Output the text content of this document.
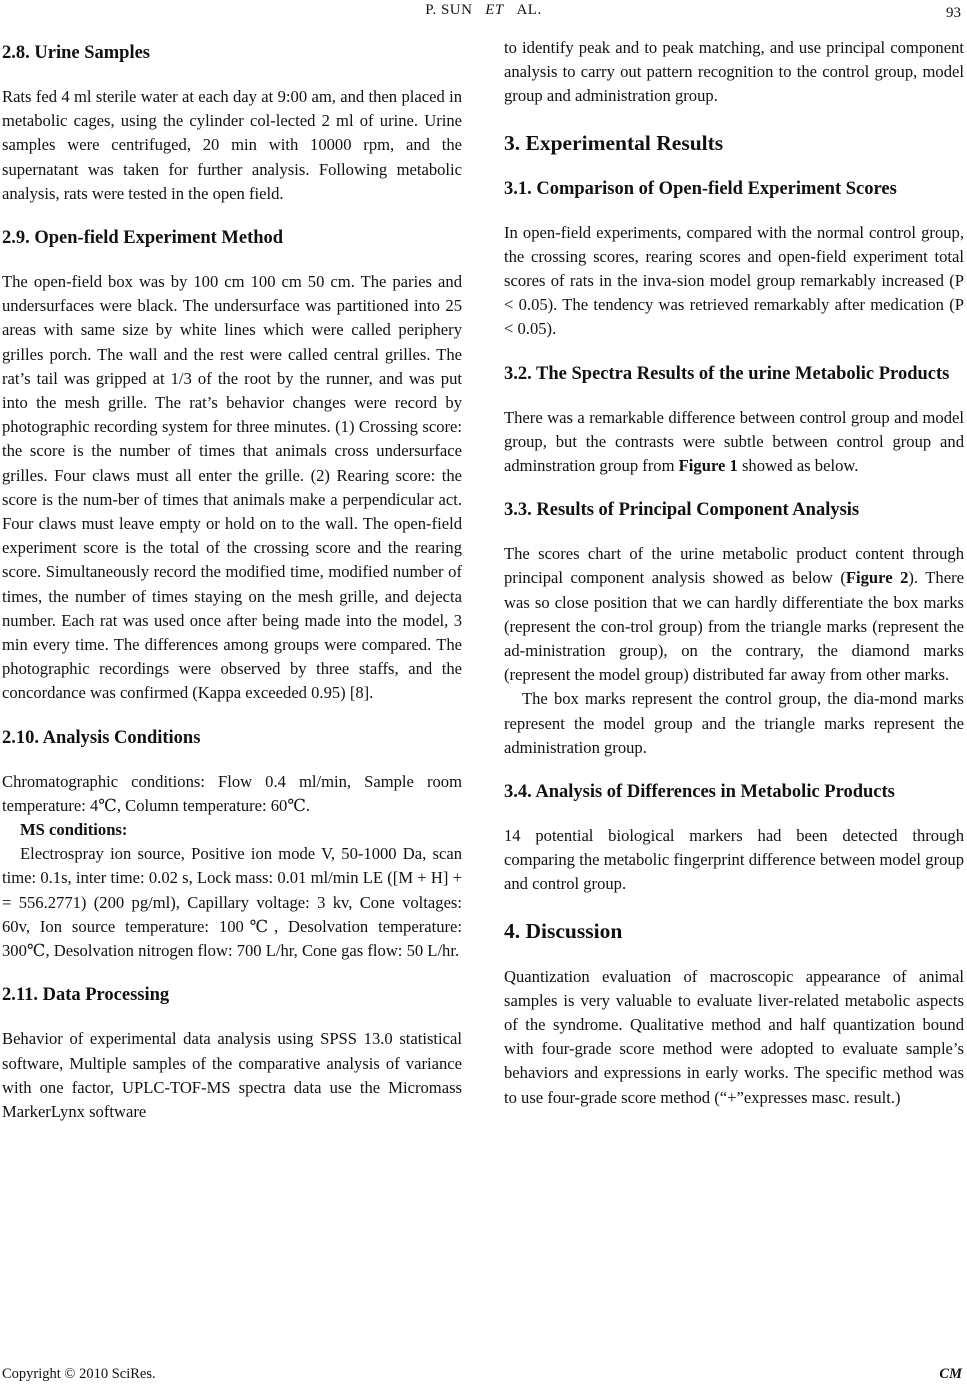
P. SUN ET AL.	93
2.8. Urine Samples

Rats fed 4 ml sterile water at each day at 9:00 am, and then placed in metabolic cages, using the cylinder col-lected 2 ml of urine. Urine samples were centrifuged, 20 min with 10000 rpm, and the supernatant was taken for further analysis. Following metabolic analysis, rats were tested in the open field.

2.9. Open-field Experiment Method

The open-field box was by 100 cm 100 cm 50 cm. The paries and undersurfaces were black. The undersurface was partitioned into 25 areas with same size by white lines which were called periphery grilles porch. The wall and the rest were called central grilles. The rat’s tail was gripped at 1/3 of the root by the runner, and was put into the mesh grille. The rat’s behavior changes were record by photographic recording system for three minutes. (1) Crossing score: the score is the number of times that animals cross undersurface grilles. Four claws must all enter the grille. (2) Rearing score: the score is the num-ber of times that animals make a perpendicular act. Four claws must leave empty or hold on to the wall. The open-field experiment score is the total of the crossing score and the rearing score. Simultaneously record the modified time, modified number of times, the number of times staying on the mesh grille, and dejecta number. Each rat was used once after being made into the model, 3 min every time. The differences among groups were compared. The photographic recordings were observed by three staffs, and the concordance was confirmed (Kappa exceeded 0.95) [8].

2.10. Analysis Conditions

Chromatographic conditions: Flow 0.4 ml/min, Sample room temperature: 4℃, Column temperature: 60℃.

MS conditions:

Electrospray ion source, Positive ion mode V, 50-1000 Da, scan time: 0.1s, inter time: 0.02 s, Lock mass: 0.01 ml/min LE ([M + H] + = 556.2771) (200 pg/ml), Capillary voltage: 3 kv, Cone voltages: 60v, Ion source temperature: 100℃, Desolvation temperature: 300℃, Desolvation nitrogen flow: 700 L/hr, Cone gas flow: 50 L/hr.

2.11. Data Processing

Behavior of experimental data analysis using SPSS 13.0 statistical software, Multiple samples of the comparative analysis of variance with one factor, UPLC-TOF-MS spectra data use the Micromass MarkerLynx software

to identify peak and to peak matching, and use principal component analysis to carry out pattern recognition to the control group, model group and administration group.

3. Experimental Results
3.1. Comparison of Open-field Experiment Scores

In open-field experiments, compared with the normal control group, the crossing scores, rearing scores and open-field experiment total scores of rats in the inva-sion model group remarkably increased (P < 0.05). The tendency was retrieved remarkably after medication (P < 0.05).

3.2. The Spectra Results of the urine Metabolic Products

There was a remarkable difference between control group and model group, but the contrasts were subtle between control group and adminstration group from Figure 1 showed as below.

3.3. Results of Principal Component Analysis

The scores chart of the urine metabolic product content through principal component analysis showed as below (Figure 2). There was so close position that we can hardly differentiate the box marks (represent the con-trol group) from the triangle marks (represent the ad-ministration group), on the contrary, the diamond marks (represent the model group) distributed far away from other marks.

The box marks represent the control group, the dia-mond marks represent the model group and the triangle marks represent the administration group.

3.4. Analysis of Differences in Metabolic Products

14 potential biological markers had been detected through comparing the metabolic fingerprint difference between model group and control group.

4. Discussion

Quantization evaluation of macroscopic appearance of animal samples is very valuable to evaluate liver-related metabolic aspects of the syndrome. Qualitative method and half quantization bound with four-grade score method were adopted to evaluate sample’s behaviors and expressions in early works. The specific method was to use four-grade score method (“+”expresses masc. result.)

Copyright © 2010 SciRes.	CM
